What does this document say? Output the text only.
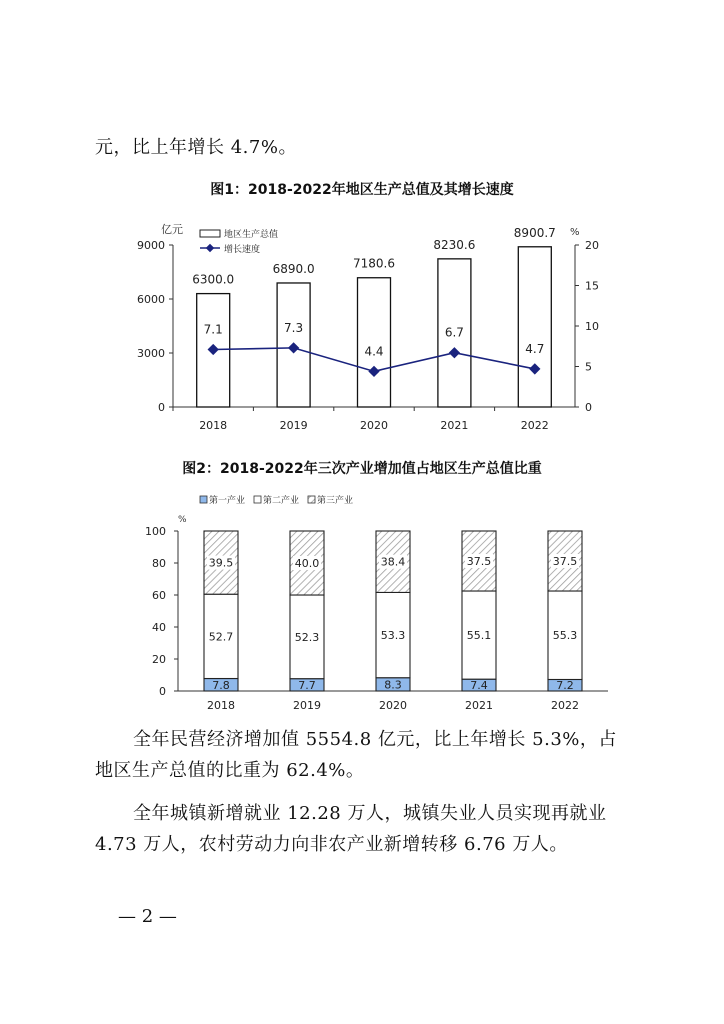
元，比上年增长 4.7%。
图1：2018-2022年地区生产总值及其增长速度
亿元	%
地区生产总值
增长速度
0
3000
6000
9000
0
5
10
15
20
2018	2019	2020	2021	2022
6300.0
6890.0	7180.6
8230.6
8900.7
7.1	7.3
4.4
6.7
4.7
图2：2018-2022年三次产业增加值占地区生产总值比重
第一产业 第二产业 第三产业
%
0
20
40
60
80
100
2018	2019	2020	2021	2022
7.8
52.7
39.5
7.7
52.3
40.0
8.3
53.3
38.4
7.4
55.1
37.5
7.2
55.3
37.5
全年民营经济增加值 5554.8 亿元，比上年增长 5.3%，占地区生产总值的比重为 62.4%。
全年城镇新增就业 12.28 万人，城镇失业人员实现再就业 4.73 万人，农村劳动力向非农产业新增转移 6.76 万人。
— 2 —
